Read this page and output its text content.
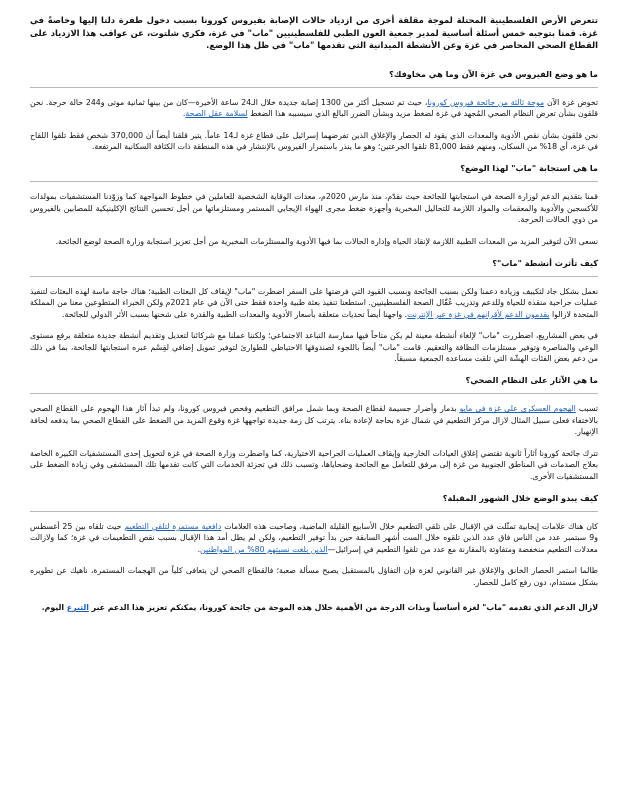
تتعرض الأرض الفلسطينية المحتلة لموجة مقلقة أخرى من ازدياد حالات الإصابة بفيروس كورونا بسبب دخول طفرة دلتا إليها وخاصةً في غزة. قمنا بتوجيه خمس أسئلة أساسية لمدير جمعية العون الطبي للفلسطينيين "ماب" في غزة، فكري شلتوت، عن عواقب هذا الازدياد على القطاع الصحي المحاصر في غزة وعن الأنشطة الميدانية التي تقدمها "ماب" في ظل هذا الوضع.

ما هو وضع الفيروس في غزة الآن وما هي مخاوفك؟

تخوض غزة الآن موجة ثالثة من جائحة فيروس كورونا، حيث تم تسجيل أكثر من 1300 إصابة جديدة خلال الـ24 ساعة الأخيرة—كان من بينها ثمانية موتى و244 حالة حرجة. نحن قلقون بشأن تعرض النظام الصحي المُجهد في غزة لضغط مزيد وبشأن الضرر البالغ الذي سيسببه هذا الضغط لسلامة عقل الصحة.

نحن قلقون بشأن نقص الأدوية والمعدات الذي يقود له الحصار والإغلاق الذين تفرضهما إسرائيل على قطاع غزة لـ14 عاماً. يتير قلقنا أيضاً أن 370,000 شخص فقط تلقوا اللقاح في غزة، أي 18% من السكان، ومنهم فقط 81,000 تلقوا الجرعتين؛ وهو ما ينذر باستمرار الفيروس بالإنتشار في هذه المنطقة ذات الكثافة السكانية المرتفعة.

ما هي استجابة "ماب" لهذا الوضع؟

قمنا بتقديم الدعم لوزارة الصحة في استجابتها للجائحة حيث نقدّم، منذ مارس 2020م، معدات الوقاية الشخصية للعاملين في خطوط المواجهة كما وزوّدنا المستشفيات بمولدات للأكسجين والأدوية والمعقمات والمواد اللازمة للتحاليل المخبرية وأجهزة ضغط مجرى الهواء الإيجابي المستمر ومستلزماتها من أجل تحسين النتائج الإكلينيكية للمصابين بالفيروس من ذوي الحالات الحرجة.

نسعى الآن لتوفير المزيد من المعدات الطبية اللازمة لإنقاذ الحياة وإدارة الحالات بما فيها الأدوية والمستلزمات المخبرية من أجل تعزيز استجابة وزارة الصحة لوضع الجائحة.

كيف تأثرت أنشطة "ماب"؟

نعمل بشكل جاد لتكييف وزيادة دعمنا ولكن بسبب الجائحة وبسبب القيود التي فرضتها على السفر اضطرت "ماب" لإيقاف كل البعثات الطبية؛ هناك حاجة ماسة لهذه البعثات لتنفيذ عمليات جراحية منقذة للحياة وللدعم وتدريب عُقّال الصحة الفلسطينيين. استطعنا تنفيذ بعثة طبية واحدة فقط حتى الآن في عام 2021م ولكن الخبراء المتطوعين معنا من المملكة المتحدة لازالوا يقدمون الدعم لأقرانهم في غزة عبر الإنترنت. واجهنا أيضاً تحديات متعلقة بأسعار الأدوية والمعدات الطبية والقدرة على شحنها بسبب الأثر الدولي للجائحة.

في بعض المشاريع، اضطررت "ماب" لإلغاء أنشطة معينة لم يكن متاحاً فيها ممارسة التباعد الاجتماعي؛ ولكننا عملنا مع شركائنا لتعديل وتقديم أنشطة جديدة متعلقة برفع مستوى الوعي والمناصرة وتوفير مستلزمات النظافة والتعقيم. قامت "ماب" أيضاً باللجوء لصندوقها الاحتياطي للطوارئ لتوفير تمويل إضافي لقِسْم عبره استجابتها للجائحة، بما في ذلك من دعم بعض الفئات الهشّة التي تلقت مساعدة الجمعية مسبقاً.

ما هي الآثار على النظام الصحي؟

تسبب الهجوم العسكري على غزة في مايو بدمار وأضرار جسيمة لقطاع الصحة وبما شمل مرافق التطعيم وفحص فيروس كورونا، ولم تبدأ آثار هذا الهجوم على القطاع الصحي بالاختفاء فعلى سبيل المثال لازال مركز التطعيم في شمال غزة بحاجة لإعادة بناء. يترتب كل زمة جديدة تواجهها غزة وقوع المزيد من الضغط على القطاع الصحي بما يدفعه لحافة الإنهيار.

تترك جائحة كورونا آثاراً ثانوية تقتضي إغلاق العيادات الخارجية وإيقاف العمليات الجراحية الاختيارية، كما واضطرت وزارة الصحة في غزة لتحويل إحدى المستشفيات الكبيرة الخاصة بعلاج الصدمات في المناطق الجنوبية من غزة إلى مرفق للتعامل مع الجائحة وضحاياها، وتسبب ذلك في تجزئة الخدمات التي كانت تقدمها تلك المستشفى وفي زيادة الضغط على المستشفيات الأخرى.

كيف يبدو الوضع خلال الشهور المقبلة؟

كان هناك علامات إيجابية تمثّلت في الإقبال على تلقي التطعيم خلال الأسابيع القليلة الماضية، وصاحبت هذه العلامات دافعية مستمرة لتلقي التطعيم حيث تلقاه بين 25 أغسطس و9 سبتمبر عدد من الناس فاق عدد الذين تلقوه خلال الست أشهر السابقة حين بدأ توفير التطعيم، ولكن لم يطل أمد هذا الإقبال بسبب نقص التطعيمات في غزة؛ كما ولازالت معدلات التطعيم منخفضة ومتفاوتة بالمقارنة مع عدد من تلقوا التطعيم في إسرائيل—الذين بلغت نسبتهم 80% من المواطنين.

طالما استمر الحصار الخانق والإغلاق غير القانوني لغزة فإن التفاؤل بالمستقبل يصبح مسألة صعبة؛ فالقطاع الصحي لن يتعافى كلياً من الهجمات المستمرة، ناهيك عن تطويره بشكل مستدام، دون رفع كامل للحصار.

لازال الدعم الذي تقدمه "ماب" لغزة أساسياً وبذات الدرجة من الأهمية خلال هذه الموجة من جائحة كورونا، يمكنكم تعزيز هذا الدعم عبر التبرع اليوم.
